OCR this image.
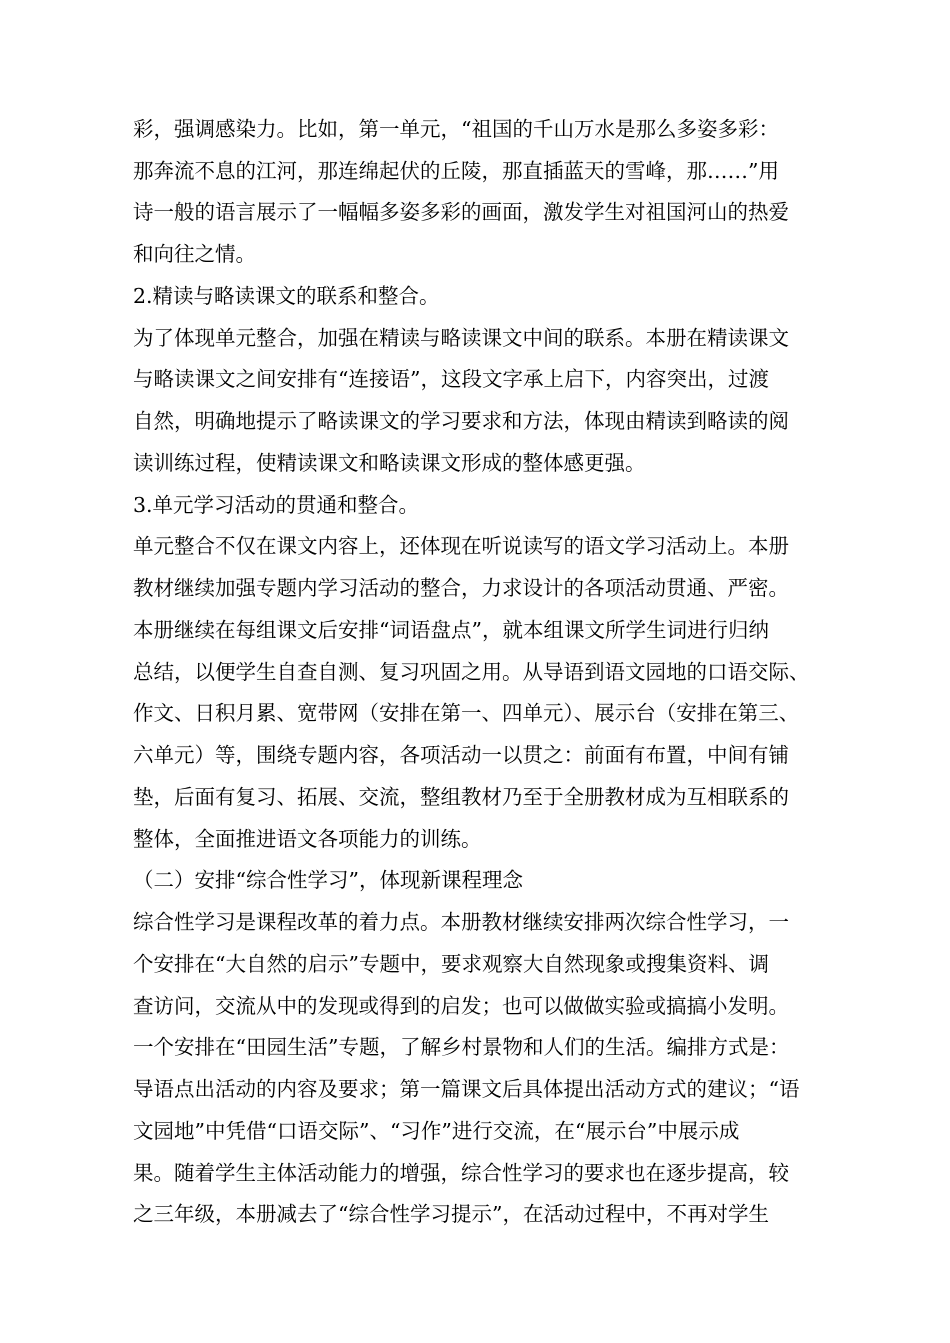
彩，强调感染力。比如，第一单元，“祖国的千山万水是那么多姿多彩：
那奔流不息的江河，那连绵起伏的丘陵，那直插蓝天的雪峰，那……”用
诗一般的语言展示了一幅幅多姿多彩的画面，激发学生对祖国河山的热爱
和向往之情。
2.精读与略读课文的联系和整合。
为了体现单元整合，加强在精读与略读课文中间的联系。本册在精读课文
与略读课文之间安排有“连接语”，这段文字承上启下，内容突出，过渡
自然，明确地提示了略读课文的学习要求和方法，体现由精读到略读的阅
读训练过程，使精读课文和略读课文形成的整体感更强。
3.单元学习活动的贯通和整合。
单元整合不仅在课文内容上，还体现在听说读写的语文学习活动上。本册
教材继续加强专题内学习活动的整合，力求设计的各项活动贯通、严密。
本册继续在每组课文后安排“词语盘点”，就本组课文所学生词进行归纳
总结，以便学生自查自测、复习巩固之用。从导语到语文园地的口语交际、
作文、日积月累、宽带网（安排在第一、四单元）、展示台（安排在第三、
六单元）等，围绕专题内容，各项活动一以贯之：前面有布置，中间有铺
垫，后面有复习、拓展、交流，整组教材乃至于全册教材成为互相联系的
整体，全面推进语文各项能力的训练。
（二）安排“综合性学习”，体现新课程理念
综合性学习是课程改革的着力点。本册教材继续安排两次综合性学习，一
个安排在“大自然的启示”专题中，要求观察大自然现象或搜集资料、调
查访问，交流从中的发现或得到的启发；也可以做做实验或搞搞小发明。
一个安排在“田园生活”专题，了解乡村景物和人们的生活。编排方式是：
导语点出活动的内容及要求；第一篇课文后具体提出活动方式的建议；“语
文园地”中凭借“口语交际”、“习作”进行交流，在“展示台”中展示成
果。随着学生主体活动能力的增强，综合性学习的要求也在逐步提高，较
之三年级，本册减去了“综合性学习提示”，在活动过程中，不再对学生
